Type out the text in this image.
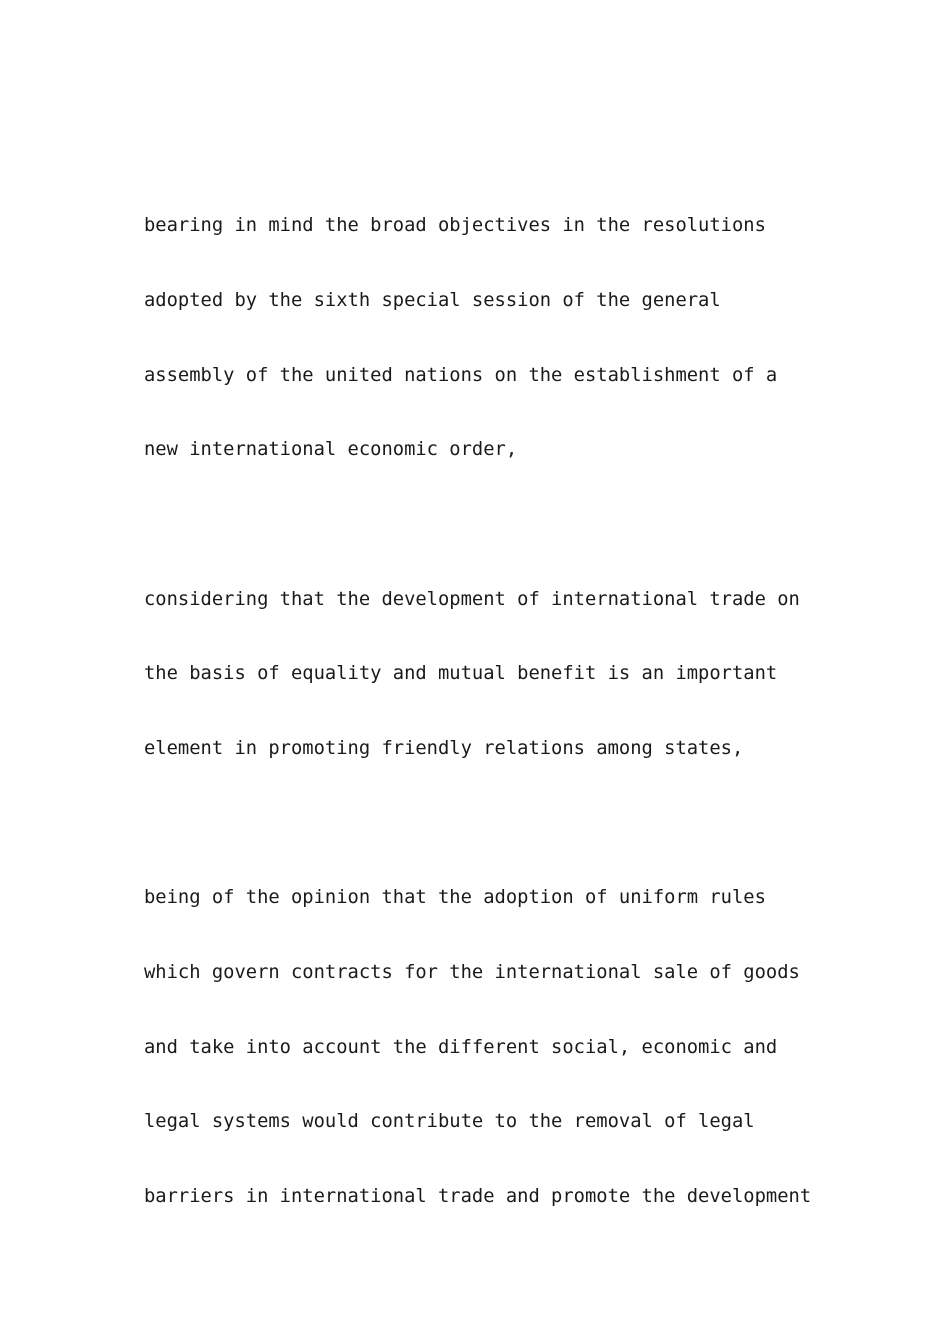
bearing in mind the broad objectives in the resolutions

adopted by the sixth special session of the general

assembly of the united nations on the establishment of a

new international economic order,

considering that the development of international trade on

the basis of equality and mutual benefit is an important

element in promoting friendly relations among states,

being of the opinion that the adoption of uniform rules

which govern contracts for the international sale of goods

and take into account the different social, economic and

legal systems would contribute to the removal of legal

barriers in international trade and promote the development
